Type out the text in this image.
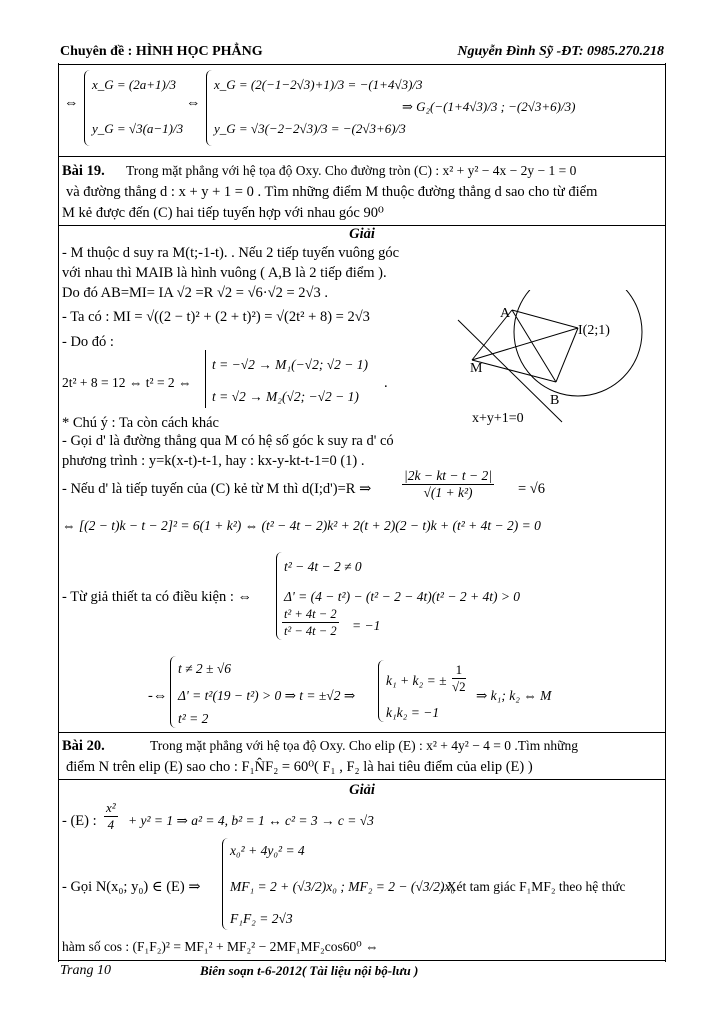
Chuyên đề : HÌNH HỌC PHẲNG	Nguyễn Đình Sỹ -ĐT: 0985.270.218
⇔
x_G = (2a+1)/3
y_G = √3(a−1)/3
⇔
x_G = (2(−1−2√3)+1)/3 = −(1+4√3)/3
y_G = √3(−2−2√3)/3 = −(2√3+6)/3
⇒ G₂(−(1+4√3)/3 ; −(2√3+6)/3)
Bài 19. Trong mặt phẳng với hệ tọa độ Oxy. Cho đường tròn (C) : x² + y² − 4x − 2y − 1 = 0
và đường thẳng d : x + y + 1 = 0 . Tìm những điểm M thuộc đường thẳng d sao cho từ điểm
M kẻ được đến (C) hai tiếp tuyến hợp với nhau góc 90⁰
Giải
- M thuộc d suy ra M(t;-1-t). . Nếu 2 tiếp tuyến vuông góc
với nhau thì MAIB là hình vuông ( A,B là 2 tiếp điểm ).
Do đó AB=MI= IA √2 =R √2 = √6·√2 = 2√3 .
- Ta có : MI = √((2 − t)² + (2 + t)²) = √(2t² + 8) = 2√3
- Do đó :
2t² + 8 = 12 ⇔ t² = 2 ⇔
t = −√2 → M₁(−√2; √2 − 1)
t = √2 → M₂(√2; −√2 − 1)
.
* Chú ý : Ta còn cách khác
- Gọi d' là đường thẳng qua M có hệ số góc k suy ra d' có
phương trình : y=k(x-t)-t-1, hay : kx-y-kt-t-1=0 (1) .
- Nếu d' là tiếp tuyến của (C) kẻ từ M thì d(I;d')=R ⇒ $\frac{|2k - kt - t - 2|}{\text{√(1 + k²)}} = √6$
⇔ [(2 − t)k − t − 2]² = 6(1 + k²) ⇔ (t² − 4t − 2)k² + 2(t + 2)(2 − t)k + (t² + 4t − 2) = 0
- Từ giả thiết ta có điều kiện : ⇔
t² − 4t − 2 ≠ 0
Δ' = (4 − t²) − (t² − 2 − 4t)(t² − 2 + 4t) > 0
$\frac{\text{t² + 4t − 2}}{\text{t² − 4t − 2}} = -1$
-⇔
t ≠ 2 ± √6
Δ' = t²(19 − t²) > 0 ⇒ t = ±√2 ⇒
t² = 2
k₁ + k₂ = ± $\frac{1}{√2}$
⇒ k₁; k₂ ⇔ M
k₁k₂ = −1
A
I(2;1)
M
B
x+y+1=0
Bài 20.	Trong mặt phẳng với hệ tọa độ Oxy. Cho elip (E) : x² + 4y² − 4 = 0 .Tìm những
điểm N trên elip (E) sao cho : F₁N̂F₂ = 60⁰( F₁ , F₂ là hai tiêu điểm của elip (E) )
Giải
- (E) : $\frac{\text{x²}}{4} + y^2 = 1$ ⇒ a² = 4, b² = 1 ↔ c² = 3 → c = √3
- Gọi N(x₀; y₀) ∈ (E) ⇒
x₀² + 4y₀² = 4
MF₁ = 2 + (√3/2)x₀ ; MF₂ = 2 − (√3/2)x₀
F₁F₂ = 2√3
. Xét tam giác F₁MF₂ theo hệ thức
hàm số cos : (F₁F₂)² = MF₁² + MF₂² − 2MF₁MF₂cos60⁰ ⇔
Trang 10	Biên soạn t-6-2012( Tài liệu nội bộ-lưu )
